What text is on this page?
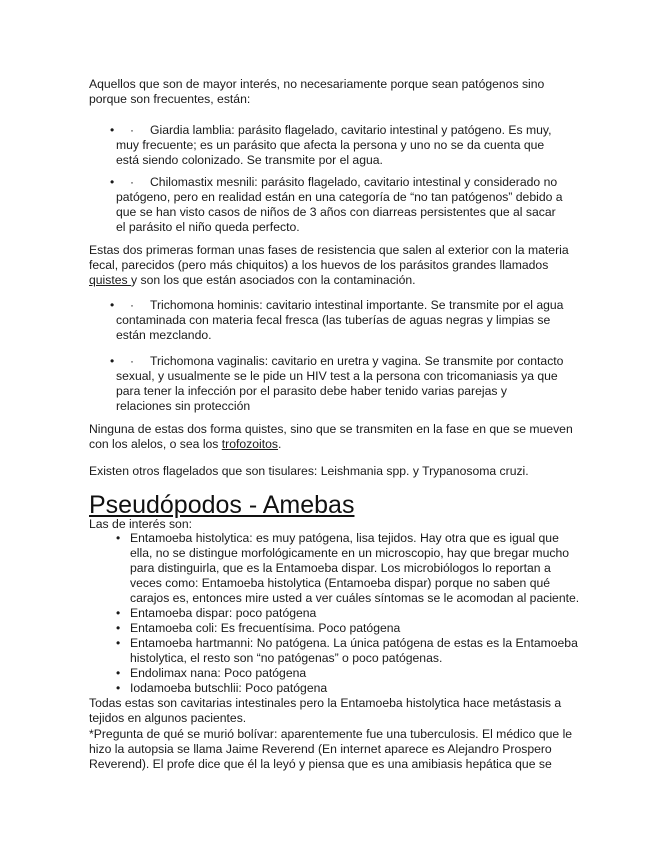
Aquellos que son de mayor interés, no necesariamente porque sean patógenos sino
porque son frecuentes, están:
• · Giardia lamblia: parásito flagelado, cavitario intestinal y patógeno. Es muy,
muy frecuente; es un parásito que afecta la persona y uno no se da cuenta que
está siendo colonizado. Se transmite por el agua.
• · Chilomastix mesnili: parásito flagelado, cavitario intestinal y considerado no
patógeno, pero en realidad están en una categoría de “no tan patógenos” debido a
que se han visto casos de niños de 3 años con diarreas persistentes que al sacar
el parásito el niño queda perfecto.
Estas dos primeras forman unas fases de resistencia que salen al exterior con la materia
fecal, parecidos (pero más chiquitos) a los huevos de los parásitos grandes llamados
quistes y son los que están asociados con la contaminación.
• · Trichomona hominis: cavitario intestinal importante. Se transmite por el agua
contaminada con materia fecal fresca (las tuberías de aguas negras y limpias se
están mezclando.
• · Trichomona vaginalis: cavitario en uretra y vagina. Se transmite por contacto
sexual, y usualmente se le pide un HIV test a la persona con tricomaniasis ya que
para tener la infección por el parasito debe haber tenido varias parejas y
relaciones sin protección
Ninguna de estas dos forma quistes, sino que se transmiten en la fase en que se mueven
con los alelos, o sea los trofozoitos.
Existen otros flagelados que son tisulares: Leishmania spp. y Trypanosoma cruzi.
Pseudópodos - Amebas
Las de interés son:
• Entamoeba histolytica: es muy patógena, lisa tejidos. Hay otra que es igual que
ella, no se distingue morfológicamente en un microscopio, hay que bregar mucho
para distinguirla, que es la Entamoeba dispar. Los microbiólogos lo reportan a
veces como: Entamoeba histolytica (Entamoeba dispar) porque no saben qué
carajos es, entonces mire usted a ver cuáles síntomas se le acomodan al paciente.
• Entamoeba dispar: poco patógena
• Entamoeba coli: Es frecuentísima. Poco patógena
• Entamoeba hartmanni: No patógena. La única patógena de estas es la Entamoeba
histolytica, el resto son “no patógenas” o poco patógenas.
• Endolimax nana: Poco patógena
• Iodamoeba butschlii: Poco patógena
Todas estas son cavitarias intestinales pero la Entamoeba histolytica hace metástasis a
tejidos en algunos pacientes.
*Pregunta de qué se murió bolívar: aparentemente fue una tuberculosis. El médico que le
hizo la autopsia se llama Jaime Reverend (En internet aparece es Alejandro Prospero
Reverend). El profe dice que él la leyó y piensa que es una amibiasis hepática que se
